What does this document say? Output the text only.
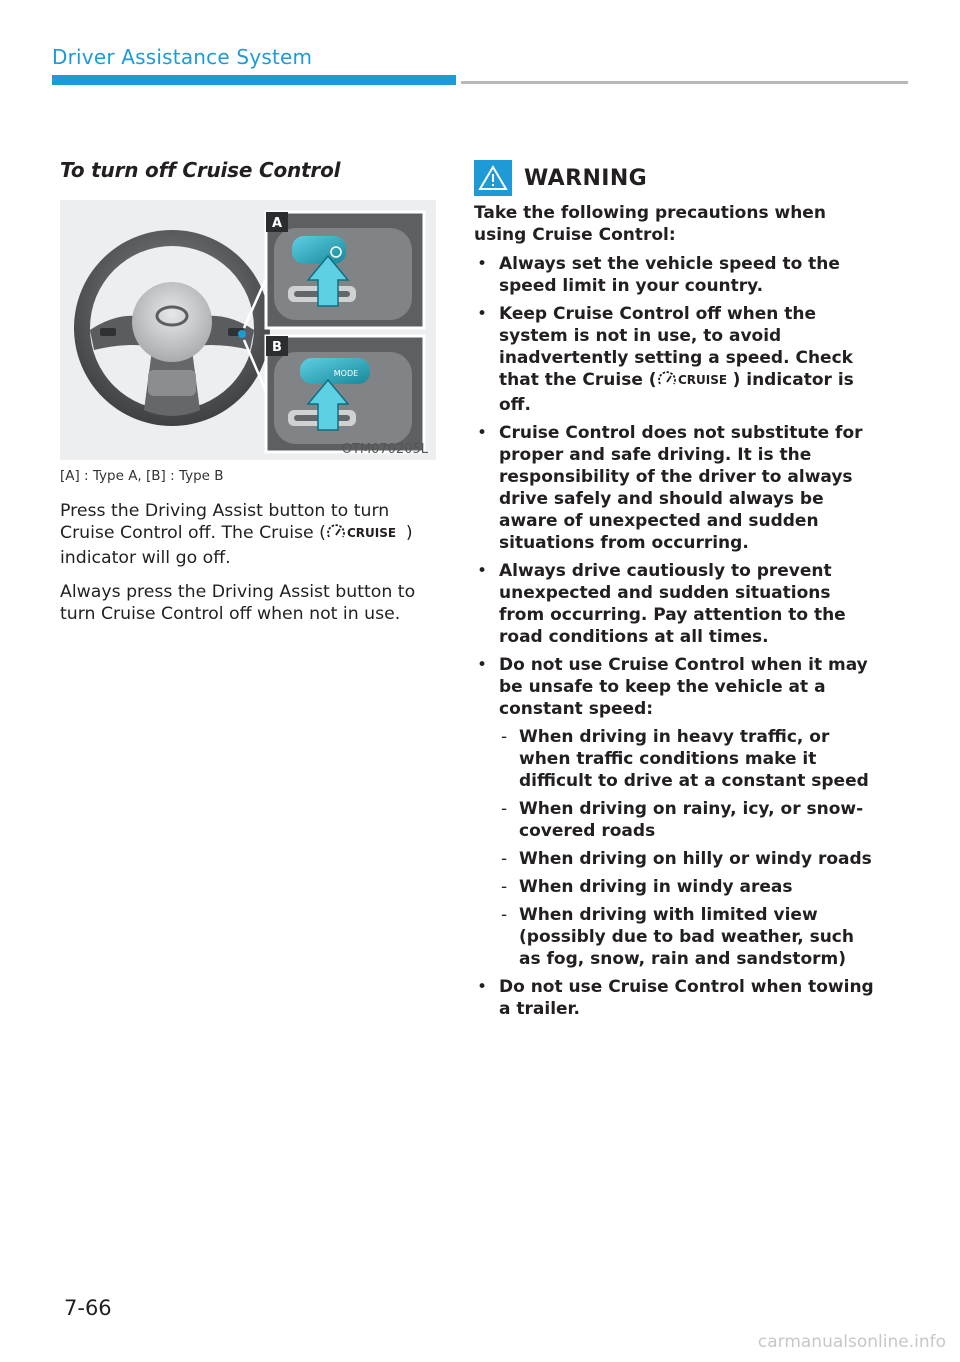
Driver Assistance System
To turn off Cruise Control
A
MODE
B
OTM070205L
[A] : Type A, [B] : Type B

Press the Driving Assist button to turn Cruise Control off. The Cruise ( CRUISE ) indicator will go off.

Always press the Driving Assist button to turn Cruise Control off when not in use.

WARNING

Take the following precautions when using Cruise Control:

• Always set the vehicle speed to the speed limit in your country.
• Keep Cruise Control off when the system is not in use, to avoid inadvertently setting a speed. Check that the Cruise ( CRUISE ) indicator is off.
• Cruise Control does not substitute for proper and safe driving. It is the responsibility of the driver to always drive safely and should always be aware of unexpected and sudden situations from occurring.
• Always drive cautiously to prevent unexpected and sudden situations from occurring. Pay attention to the road conditions at all times.
• Do not use Cruise Control when it may be unsafe to keep the vehicle at a constant speed:
- When driving in heavy traffic, or when traffic conditions make it difficult to drive at a constant speed
- When driving on rainy, icy, or snow-covered roads
- When driving on hilly or windy roads
- When driving in windy areas
- When driving with limited view (possibly due to bad weather, such as fog, snow, rain and sandstorm)
• Do not use Cruise Control when towing a trailer.
7-66
carmanualsonline.info
